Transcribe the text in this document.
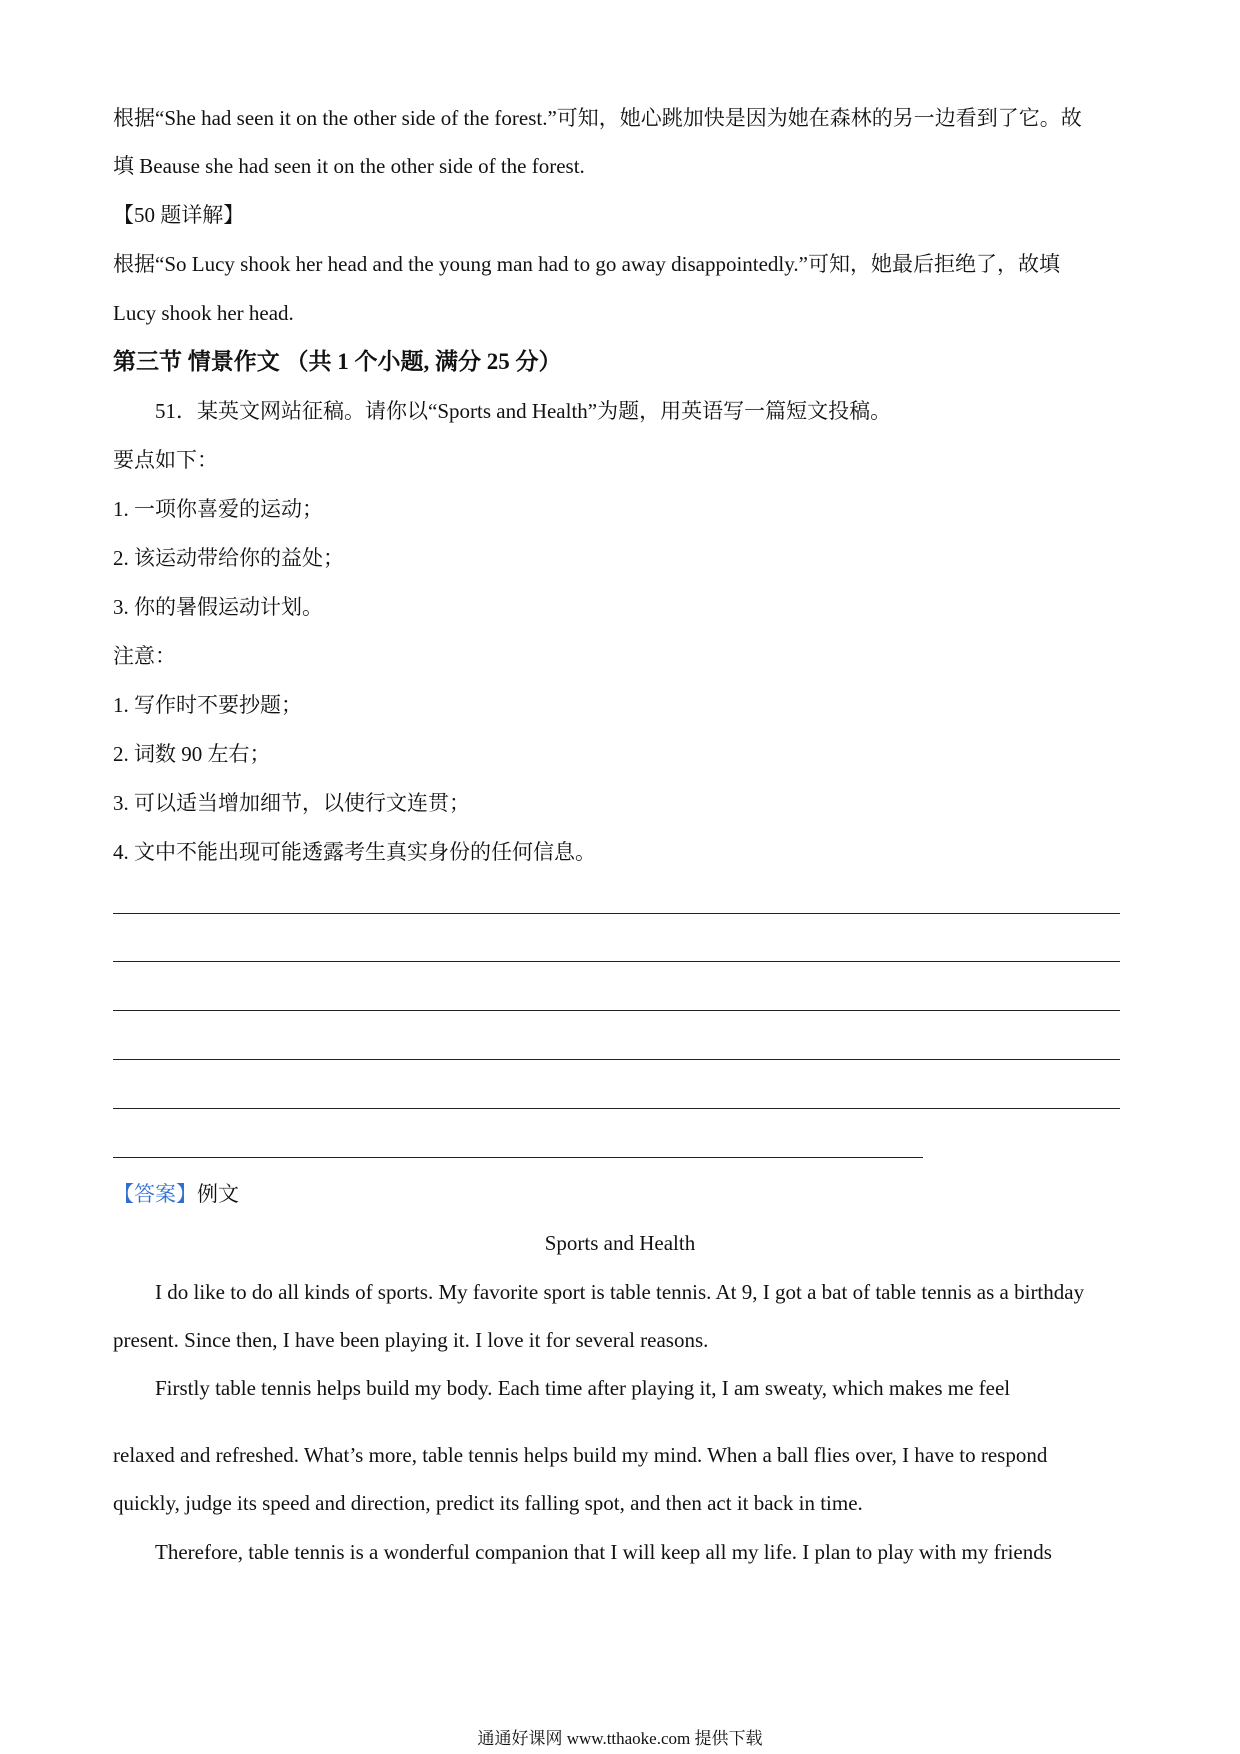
根据“She had seen it on the other side of the forest.”可知，她心跳加快是因为她在森林的另一边看到了它。故
填 Beause she had seen it on the other side of the forest.
【50 题详解】
根据“So Lucy shook her head and the young man had to go away disappointedly.”可知，她最后拒绝了，故填
Lucy shook her head.
第三节 情景作文 （共 1 个小题, 满分 25 分）
51．某英文网站征稿。请你以“Sports and Health”为题，用英语写一篇短文投稿。
要点如下：
1. 一项你喜爱的运动；
2. 该运动带给你的益处；
3. 你的暑假运动计划。
注意：
1. 写作时不要抄题；
2. 词数 90 左右；
3. 可以适当增加细节，以使行文连贯；
4. 文中不能出现可能透露考生真实身份的任何信息。
【答案】例文
Sports and Health
I do like to do all kinds of sports. My favorite sport is table tennis. At 9, I got a bat of table tennis as a birthday
present. Since then, I have been playing it. I love it for several reasons.
Firstly table tennis helps build my body. Each time after playing it, I am sweaty, which makes me feel
relaxed and refreshed. What’s more, table tennis helps build my mind. When a ball flies over, I have to respond
quickly, judge its speed and direction, predict its falling spot, and then act it back in time.
Therefore, table tennis is a wonderful companion that I will keep all my life. I plan to play with my friends
通通好课网 www.tthaoke.com 提供下载
